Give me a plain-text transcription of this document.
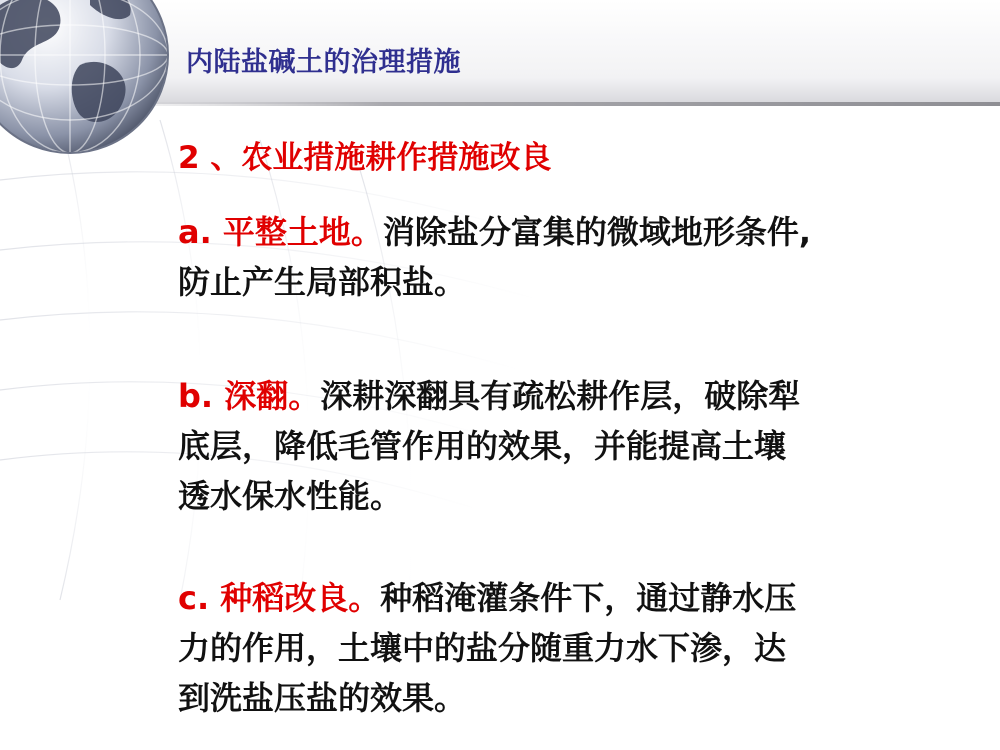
内陆盐碱土的治理措施
2 、农业措施耕作措施改良

a. 平整土地。消除盐分富集的微域地形条件,
防止产生局部积盐。

b. 深翻。深耕深翻具有疏松耕作层，破除犁
底层，降低毛管作用的效果，并能提高土壤
透水保水性能。

c. 种稻改良。种稻淹灌条件下，通过静水压
力的作用，土壤中的盐分随重力水下渗，达
到洗盐压盐的效果。
